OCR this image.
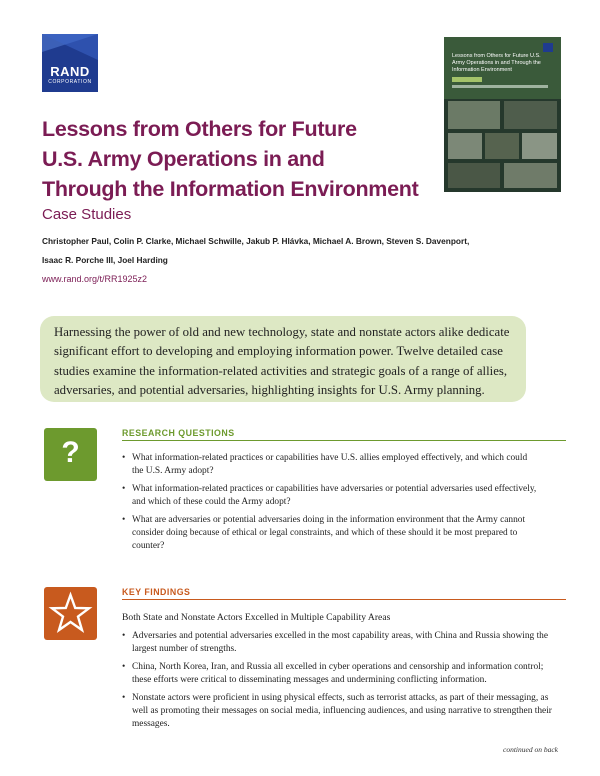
RAND
CORPORATION
Lessons from Others for Future U.S. Army Operations in and Through the Information Environment
Lessons from Others for Future
U.S. Army Operations in and
Through the Information Environment
Case Studies
Christopher Paul, Colin P. Clarke, Michael Schwille, Jakub P. Hlávka, Michael A. Brown, Steven S. Davenport,
Isaac R. Porche III, Joel Harding
www.rand.org/t/RR1925z2
Harnessing the power of old and new technology, state and nonstate actors alike dedicate significant effort to developing and employing information power. Twelve detailed case studies examine the information-related activities and strategic goals of a range of allies, adversaries, and potential adversaries, highlighting insights for U.S. Army planning.
?
RESEARCH QUESTIONS
• What information-related practices or capabilities have U.S. allies employed effectively, and which could the U.S. Army adopt?
• What information-related practices or capabilities have adversaries or potential adversaries used effectively, and which of these could the Army adopt?
• What are adversaries or potential adversaries doing in the information environment that the Army cannot consider doing because of ethical or legal constraints, and which of these should it be most prepared to counter?
KEY FINDINGS
Both State and Nonstate Actors Excelled in Multiple Capability Areas
• Adversaries and potential adversaries excelled in the most capability areas, with China and Russia showing the largest number of strengths.
• China, North Korea, Iran, and Russia all excelled in cyber operations and censorship and information control; these efforts were critical to disseminating messages and undermining conflicting information.
• Nonstate actors were proficient in using physical effects, such as terrorist attacks, as part of their messaging, as well as promoting their messages on social media, influencing audiences, and using narrative to strengthen their messages.
continued on back
